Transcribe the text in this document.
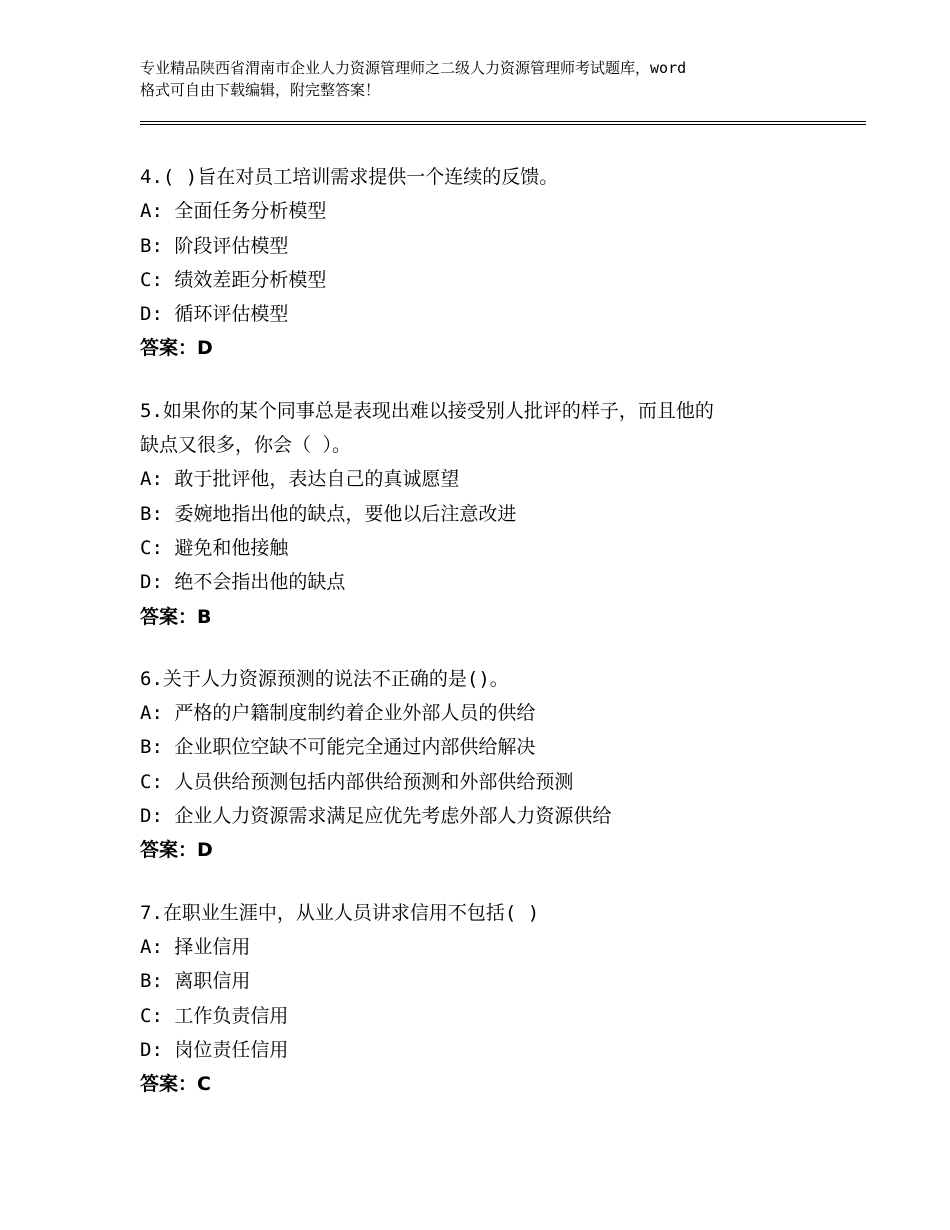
专业精品陕西省渭南市企业人力资源管理师之二级人力资源管理师考试题库，word
格式可自由下载编辑，附完整答案！
4.( )旨在对员工培训需求提供一个连续的反馈。
A: 全面任务分析模型
B: 阶段评估模型
C: 绩效差距分析模型
D: 循环评估模型
答案：D
5.如果你的某个同事总是表现出难以接受别人批评的样子，而且他的
缺点又很多，你会（ ）。
A: 敢于批评他，表达自己的真诚愿望
B: 委婉地指出他的缺点，要他以后注意改进
C: 避免和他接触
D: 绝不会指出他的缺点
答案：B
6.关于人力资源预测的说法不正确的是()。
A: 严格的户籍制度制约着企业外部人员的供给
B: 企业职位空缺不可能完全通过内部供给解决
C: 人员供给预测包括内部供给预测和外部供给预测
D: 企业人力资源需求满足应优先考虑外部人力资源供给
答案：D
7.在职业生涯中，从业人员讲求信用不包括( )
A: 择业信用
B: 离职信用
C: 工作负责信用
D: 岗位责任信用
答案：C
